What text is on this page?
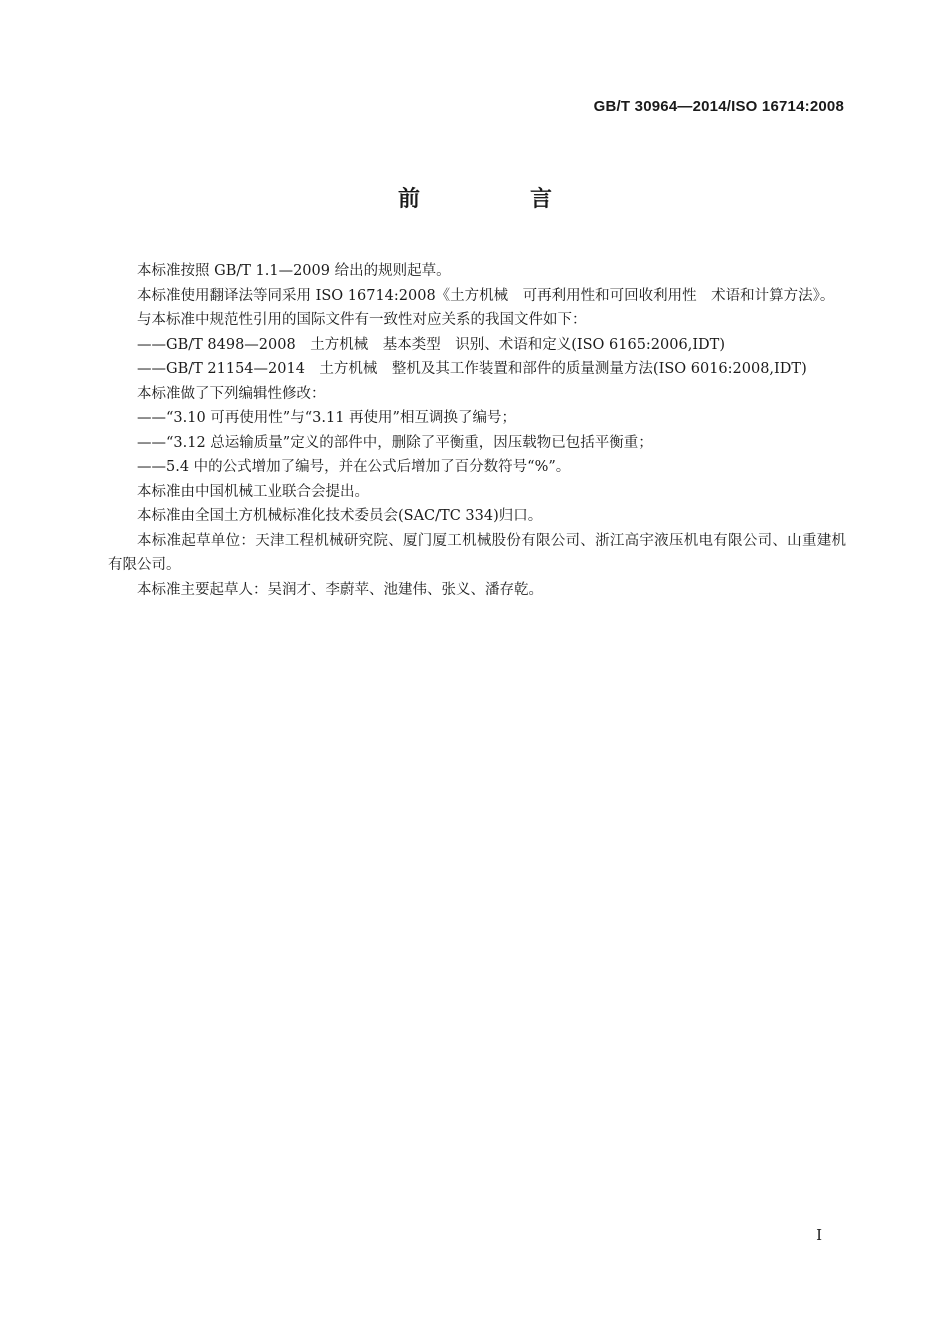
GB/T 30964—2014/ISO 16714:2008
前　言

本标准按照 GB/T 1.1—2009 给出的规则起草。

本标准使用翻译法等同采用 ISO 16714:2008《土方机械　可再利用性和可回收利用性　术语和计算方法》。

与本标准中规范性引用的国际文件有一致性对应关系的我国文件如下：

——GB/T 8498—2008　土方机械　基本类型　识别、术语和定义(ISO 6165:2006,IDT)

——GB/T 21154—2014　土方机械　整机及其工作装置和部件的质量测量方法(ISO 6016:2008,IDT)

本标准做了下列编辑性修改：

——“3.10 可再使用性”与“3.11 再使用”相互调换了编号；

——“3.12 总运输质量”定义的部件中，删除了平衡重，因压载物已包括平衡重；

——5.4 中的公式增加了编号，并在公式后增加了百分数符号“%”。

本标准由中国机械工业联合会提出。

本标准由全国土方机械标准化技术委员会(SAC/TC 334)归口。

本标准起草单位：天津工程机械研究院、厦门厦工机械股份有限公司、浙江高宇液压机电有限公司、山重建机有限公司。

本标准主要起草人：吴润才、李蔚苹、池建伟、张义、潘存乾。

I
